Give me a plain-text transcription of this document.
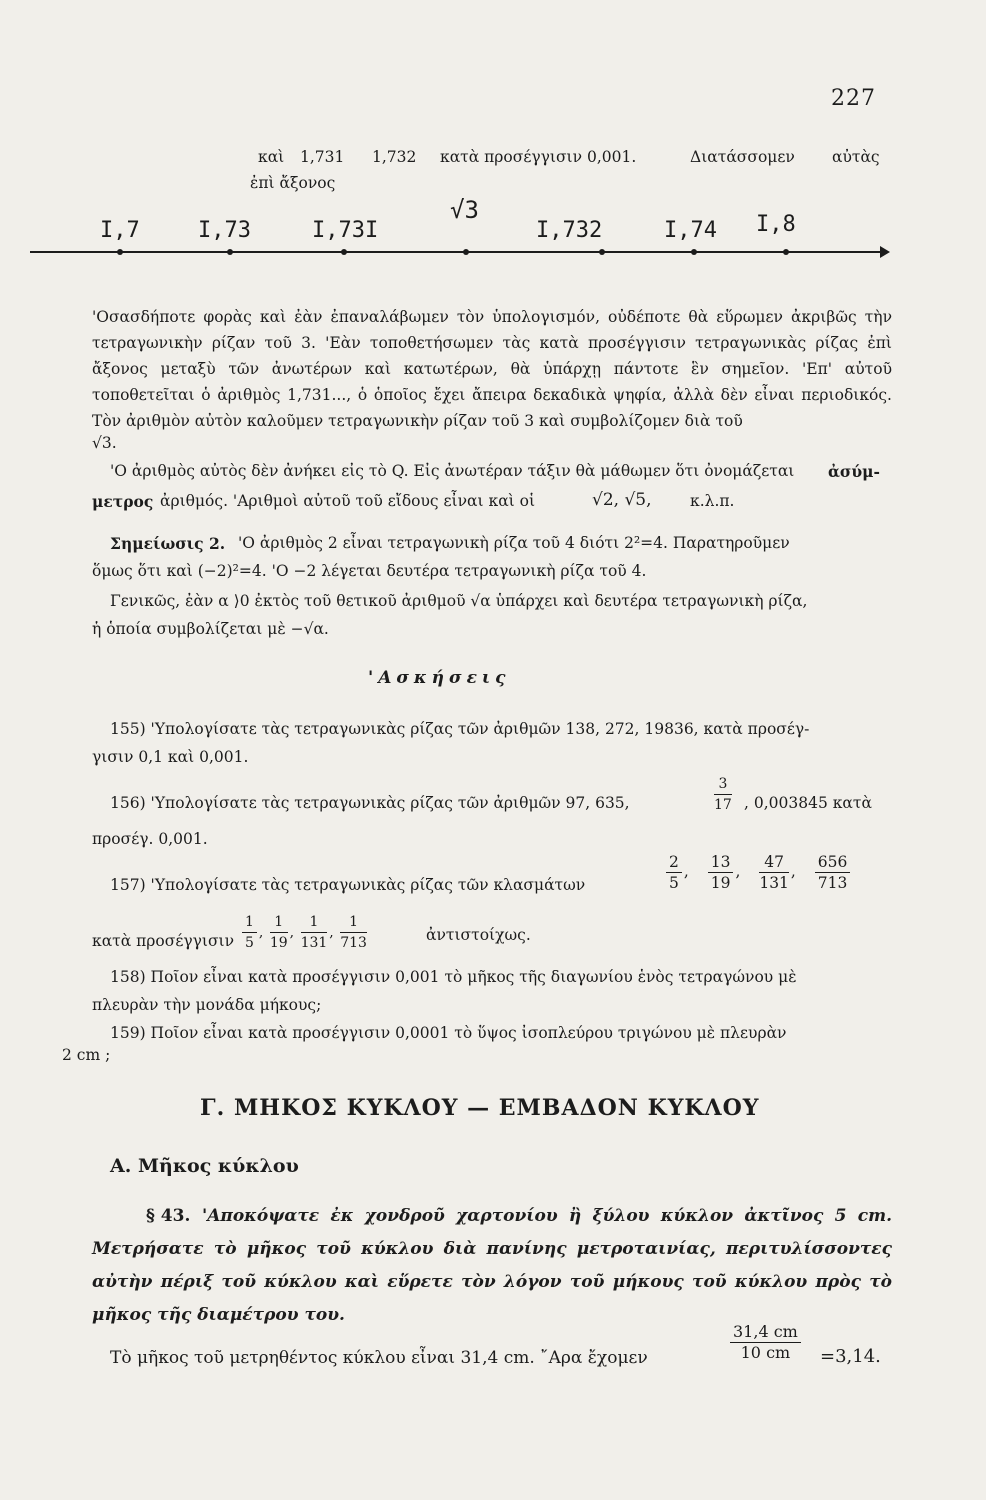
227
καὶ 1,731 1,732 κατὰ προσέγγισιν 0,001.	Διατάσσομεν αὐτὰς
ἐπὶ ἄξονος
I,7	I,73	I,73I
√3
I,732	I,74 I,8
'Οσασδήποτε φορὰς καὶ ἐὰν ἐπαναλάβωμεν τὸν ὑπολογισμόν, οὐδέποτε θὰ εὕρωμεν ἀκριβῶς τὴν τετραγωνικὴν ρίζαν τοῦ 3. 'Εὰν τοποθετήσωμεν τὰς κατὰ προσέγγισιν τετραγωνικὰς ρίζας ἐπὶ ἄξονος μεταξὺ τῶν ἀνωτέρων καὶ κατωτέρων, θὰ ὑπάρχῃ πάντοτε ἓν σημεῖον. 'Επ' αὐτοῦ τοποθετεῖται ὁ ἀριθμὸς 1,731..., ὁ ὁποῖος ἔχει ἄπειρα δεκαδικὰ ψηφία, ἀλλὰ δὲν εἶναι περιοδικός. Τὸν ἀριθμὸν αὐτὸν καλοῦμεν τετραγωνικὴν ρίζαν τοῦ 3 καὶ συμβολίζομεν διὰ τοῦ
√3.
'Ο ἀριθμὸς αὐτὸς δὲν ἀνήκει εἰς τὸ Q. Εἰς ἀνωτέραν τάξιν θὰ μάθωμεν ὅτι ὀνομάζεται ἀσύμ-
μετρος ἀριθμός. 'Αριθμοὶ αὐτοῦ τοῦ εἴδους εἶναι καὶ οἱ	√2, √5, κ.λ.π.
Σημείωσις 2. 'Ο ἀριθμὸς 2 εἶναι τετραγωνικὴ ρίζα τοῦ 4 διότι 2²=4. Παρατηροῦμεν
ὅμως ὅτι καὶ (−2)²=4. 'Ο −2 λέγεται δευτέρα τετραγωνικὴ ρίζα τοῦ 4.
Γενικῶς, ἐὰν α ⟩0 ἐκτὸς τοῦ θετικοῦ ἀριθμοῦ √α ὑπάρχει καὶ δευτέρα τετραγωνικὴ ρίζα,
ἡ ὁποία συμβολίζεται μὲ −√α.
'Ασκήσεις
155) 'Υπολογίσατε τὰς τετραγωνικὰς ρίζας τῶν ἀριθμῶν 138, 272, 19836, κατὰ προσέγ-
γισιν 0,1 καὶ 0,001.
156) 'Υπολογίσατε τὰς τετραγωνικὰς ρίζας τῶν ἀριθμῶν 97, 635,	$\frac{3}{17}$ , 0,003845 κατὰ
προσέγ. 0,001.
157) 'Υπολογίσατε τὰς τετραγωνικὰς ρίζας τῶν κλασμάτων	$\frac{2}{5}$ , $\frac{13}{19}$ , $\frac{47}{131}$ , $\frac{656}{713}$
κατὰ προσέγγισιν $\frac{1}{5}$ , $\frac{1}{19}$ , $\frac{1}{131}$ , $\frac{1}{713}$	ἀντιστοίχως.
158) Ποῖον εἶναι κατὰ προσέγγισιν 0,001 τὸ μῆκος τῆς διαγωνίου ἑνὸς τετραγώνου μὲ
πλευρὰν τὴν μονάδα μήκους;
159) Ποῖον εἶναι κατὰ προσέγγισιν 0,0001 τὸ ὕψος ἰσοπλεύρου τριγώνου μὲ πλευρὰν
2 cm ;
Γ. ΜΗΚΟΣ ΚΥΚΛΟΥ — ΕΜΒΑΔΟΝ ΚΥΚΛΟΥ
Α. Μῆκος κύκλου
§ 43. 'Αποκόψατε ἐκ χονδροῦ χαρτονίου ἢ ξύλου κύκλον ἀκτῖνος 5 cm. Μετρήσατε τὸ μῆκος τοῦ κύκλου διὰ πανίνης μετροταινίας, περιτυλίσσοντες αὐτὴν πέριξ τοῦ κύκλου καὶ εὕρετε τὸν λόγον τοῦ μήκους τοῦ κύκλου πρὸς τὸ μῆκος τῆς διαμέτρου του.
Τὸ μῆκος τοῦ μετρηθέντος κύκλου εἶναι 31,4 cm. ῎Αρα ἔχομεν	$\frac{31,4 cm}{10 cm} =3,14$.
